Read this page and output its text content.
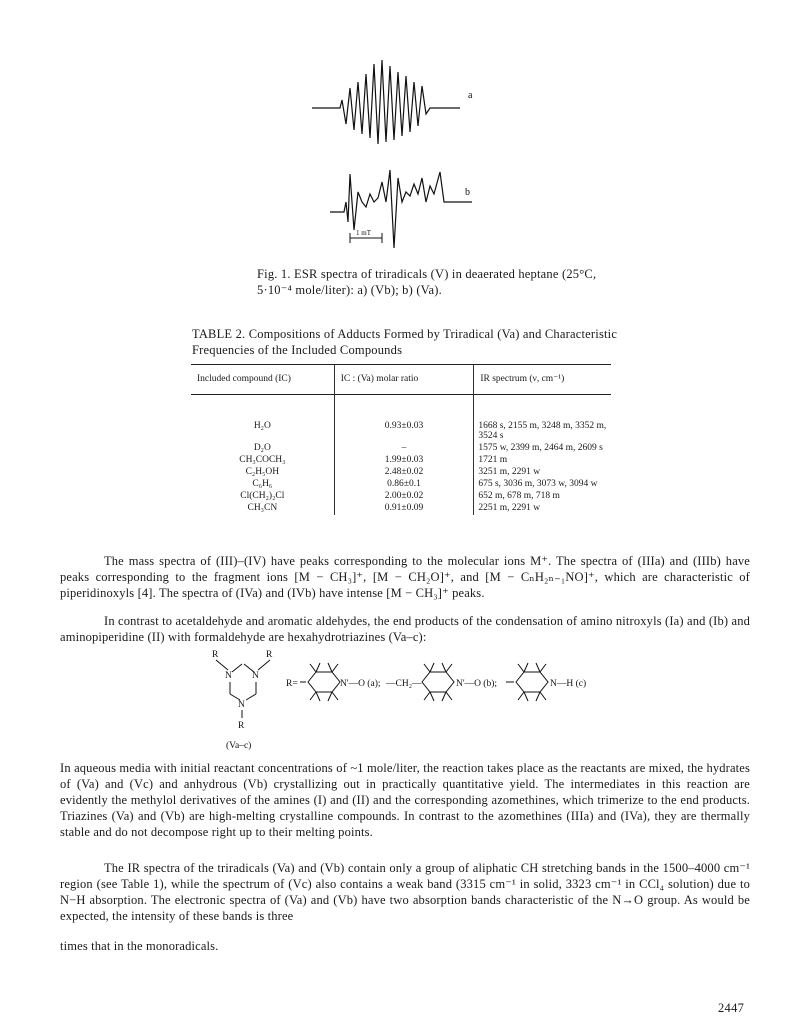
a
b
1 mT
Fig. 1. ESR spectra of triradicals (V) in deaerated heptane (25°C, 5·10⁻⁴ mole/liter): a) (Vb); b) (Va).
TABLE 2. Compositions of Adducts Formed by Triradical (Va) and Characteristic Frequencies of the Included Compounds
Included compound (IC)	IC : (Va) molar ratio	IR spectrum (ν, cm⁻¹)
H₂O	0.93±0.03	1668 s, 2155 m, 3248 m, 3352 m, 3524 s
D₂O	–	1575 w, 2399 m, 2464 m, 2609 s
CH₃COCH₃	1.99±0.03	1721 m
C₂H₅OH	2.48±0.02	3251 m, 2291 w
C₆H₆	0.86±0.1	675 s, 3036 m, 3073 w, 3094 w
Cl(CH₂)₂Cl	2.00±0.02	652 m, 678 m, 718 m
CH₃CN	0.91±0.09	2251 m, 2291 w
The mass spectra of (III)–(IV) have peaks corresponding to the molecular ions M⁺. The spectra of (IIIa) and (IIIb) have peaks corresponding to the fragment ions [M − CH₃]⁺, [M − CH₂O]⁺, and [M − CₙH₂ₙ₋₁NO]⁺, which are characteristic of piperidinoxyls [4]. The spectra of (IVa) and (IVb) have intense [M − CH₃]⁺ peaks.
In contrast to acetaldehyde and aromatic aldehydes, the end products of the condensation of amino nitroxyls (Ia) and (Ib) and aminopiperidine (II) with formaldehyde are hexahydrotriazines (Va–c):
R	R
N N
N
R
(Va–c)
R=	N'—O (a); —CH₂—	N'—O (b);	N—H (c)
In aqueous media with initial reactant concentrations of ~1 mole/liter, the reaction takes place as the reactants are mixed, the hydrates of (Va) and (Vc) and anhydrous (Vb) crystallizing out in practically quantitative yield. The intermediates in this reaction are evidently the methylol derivatives of the amines (I) and (II) and the corresponding azomethines, which trimerize to the end products. Triazines (Va) and (Vb) are high-melting crystalline compounds. In contrast to the azomethines (IIIa) and (IVa), they are thermally stable and do not decompose right up to their melting points.
The IR spectra of the triradicals (Va) and (Vb) contain only a group of aliphatic CH stretching bands in the 1500–4000 cm⁻¹ region (see Table 1), while the spectrum of (Vc) also contains a weak band (3315 cm⁻¹ in solid, 3323 cm⁻¹ in CCl₄ solution) due to N−H absorption. The electronic spectra of (Va) and (Vb) have two absorption bands characteristic of the N→O group. As would be expected, the intensity of these bands is three
times that in the monoradicals.
2447
